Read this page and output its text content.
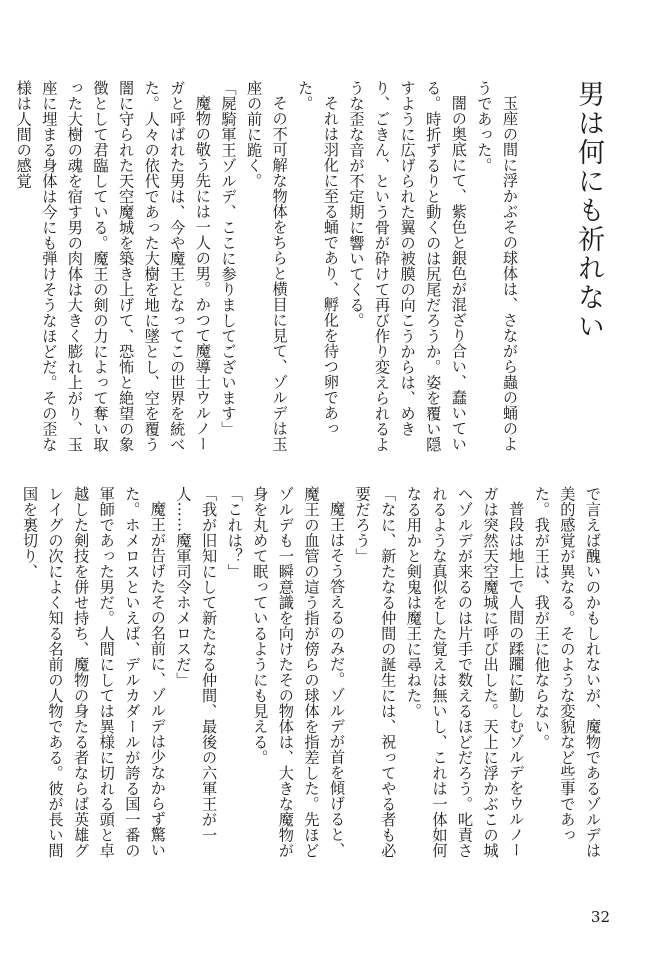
男は何にも祈れない

玉座の間に浮かぶその球体は、さながら蟲の蛹のようであった。

闇の奥底にて、紫色と銀色が混ざり合い、蠢いている。時折ずるりと動くのは尻尾だろうか。姿を覆い隠すように広げられた翼の被膜の向こうからは、めきり、ごきん、という骨が砕けて再び作り変えられるような歪な音が不定期に響いてくる。

それは羽化に至る蛹であり、孵化を待つ卵であった。

その不可解な物体をちらと横目に見て、ゾルデは玉座の前に跪く。

「屍騎軍王ゾルデ、ここに参りましてございます」

魔物の敬う先には一人の男。かつて魔導士ウルノーガと呼ばれた男は、今や魔王となってこの世界を統べた。人々の依代であった大樹を地に墜とし、空を覆う闇に守られた天空魔城を築き上げて、恐怖と絶望の象徴として君臨している。魔王の剣の力によって奪い取った大樹の魂を宿す男の肉体は大きく膨れ上がり、玉座に埋まる身体は今にも弾けそうなほどだ。その歪な様は人間の感覚

で言えば醜いのかもしれないが、魔物であるゾルデは美的感覚が異なる。そのような変貌など些事であった。我が王は、我が王に他ならない。

普段は地上で人間の蹂躙に勤しむゾルデをウルノーガは突然天空魔城に呼び出した。天上に浮かぶこの城へゾルデが来るのは片手で数えるほどだろう。叱責されるような真似をした覚えは無いし、これは一体如何なる用かと剣鬼は魔王に尋ねた。

「なに、新たなる仲間の誕生には、祝ってやる者も必要だろう」

魔王はそう答えるのみだ。ゾルデが首を傾げると、魔王の血管の這う指が傍らの球体を指差した。先ほどゾルデも一瞬意識を向けたその物体は、大きな魔物が身を丸めて眠っているようにも見える。

「これは？」

「我が旧知にして新たなる仲間、最後の六軍王が一人……魔軍司令ホメロスだ」

魔王が告げたその名前に、ゾルデは少なからず驚いた。ホメロスといえば、デルカダールが誇る国一番の軍師であった男だ。人間にしては異様に切れる頭と卓越した剣技を併せ持ち、魔物の身たる者ならば英雄グレイグの次によく知る名前の人物である。彼が長い間国を裏切り、

32
